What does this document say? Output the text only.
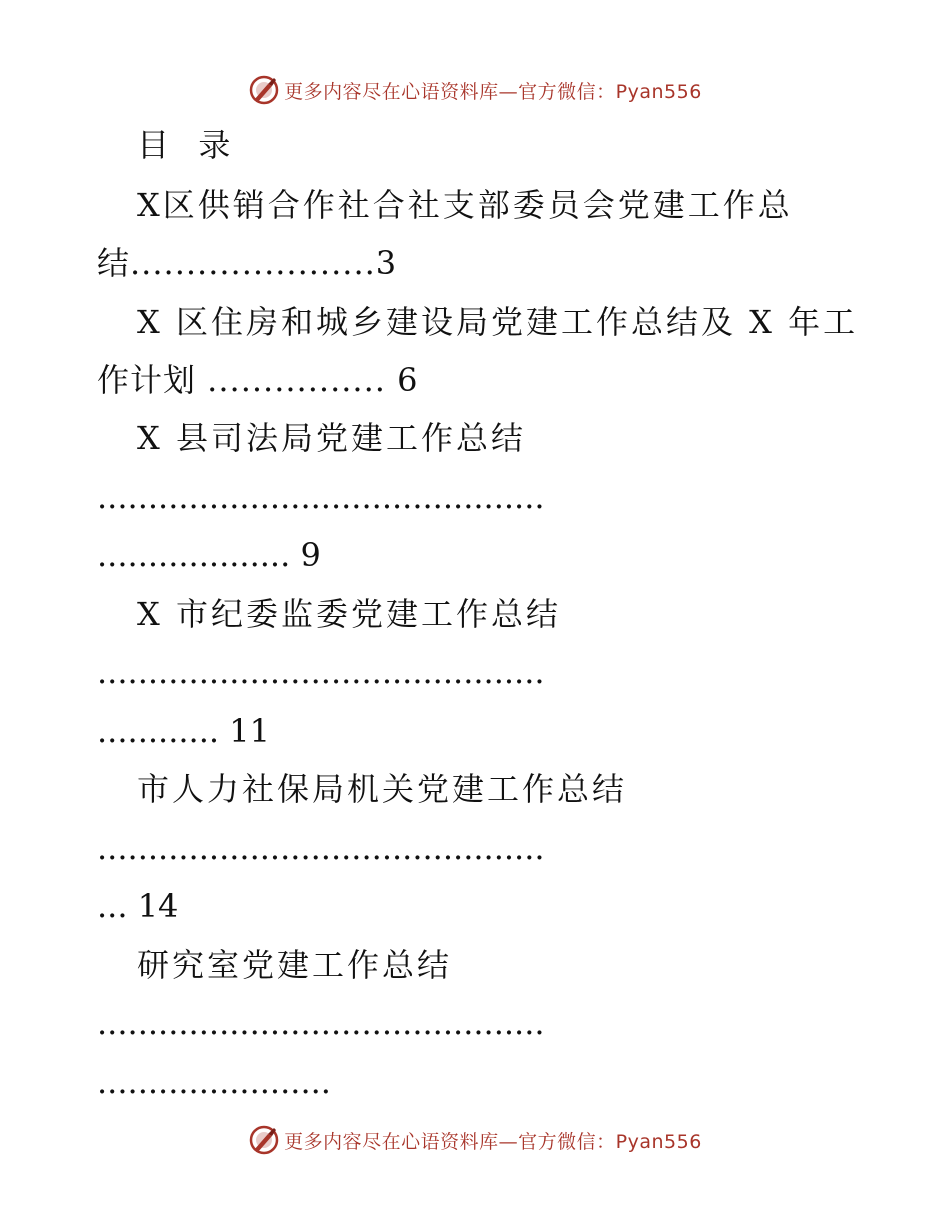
更多内容尽在心语资料库—官方微信：Pyan556
目  录
X区供销合作社合社支部委员会党建工作总
结......................3
X 区住房和城乡建设局党建工作总结及 X 年工
作计划 ................ 6
X 县司法局党建工作总结
............................................
................... 9
X 市纪委监委党建工作总结
............................................
............ 11
市人力社保局机关党建工作总结
............................................
... 14
研究室党建工作总结
............................................
.......................
更多内容尽在心语资料库—官方微信：Pyan556
